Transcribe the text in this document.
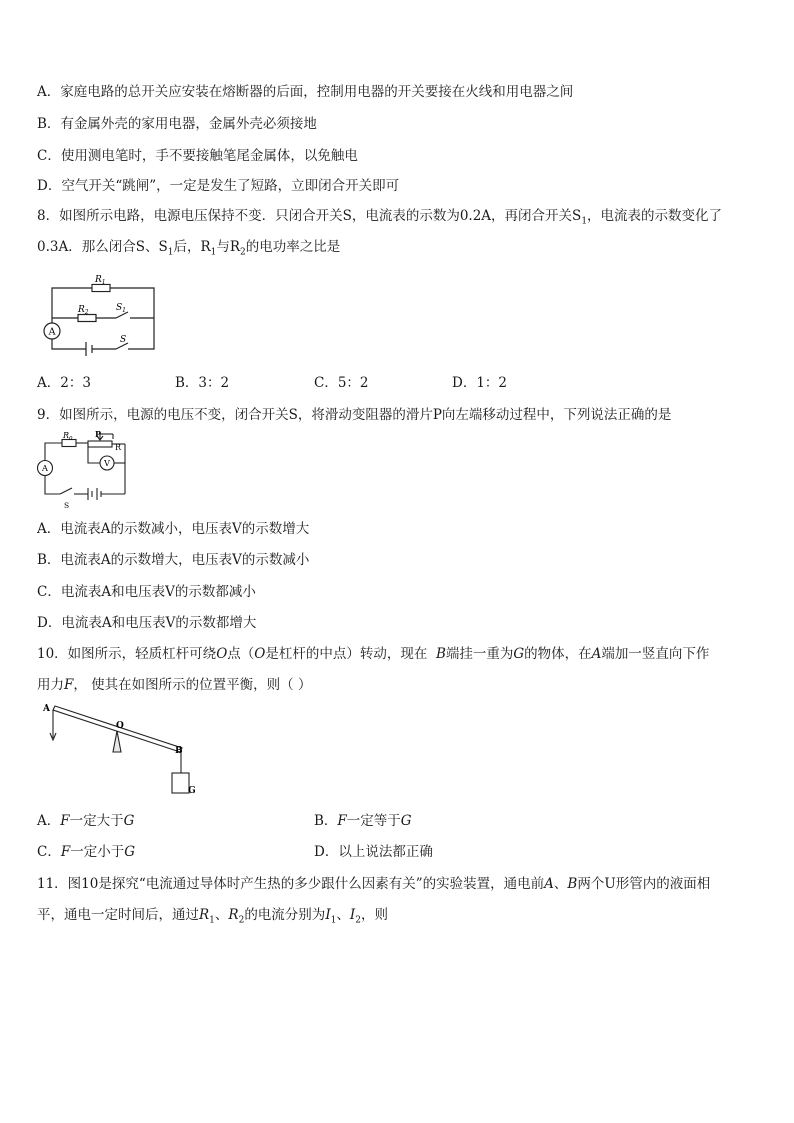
A．家庭电路的总开关应安装在熔断器的后面，控制用电器的开关要接在火线和用电器之间
B．有金属外壳的家用电器，金属外壳必须接地
C．使用测电笔时，手不要接触笔尾金属体，以免触电
D．空气开关“跳闸”，一定是发生了短路，立即闭合开关即可
8．如图所示电路，电源电压保持不变．只闭合开关S，电流表的示数为0.2A，再闭合开关$S_1$，电流表的示数变化了
0.3A．那么闭合S、$S_1$后，$R_1$与$R_2$的电功率之比是
$R_1$
$R_2$	$S_1$
S
A
A．2：3	B．3：2	C．5：2	D．1：2
9．如图所示，电源的电压不变，闭合开关S，将滑动变阻器的滑片P向左端移动过程中，下列说法正确的是
$R_0$	P
R
V
A
S
A．电流表A的示数减小，电压表V的示数增大
B．电流表A的示数增大，电压表V的示数减小
C．电流表A和电压表V的示数都减小
D．电流表A和电压表V的示数都增大
10．如图所示，轻质杠杆可绕O点（O是杠杆的中点）转动，现在 B端挂一重为G的物体，在A端加一竖直向下作
用力F， 使其在如图所示的位置平衡，则（ ）
A
O
B
G
A．F一定大于G	B．F一定等于G
C．F一定小于G	D．以上说法都正确
11．图10是探究“电流通过导体时产生热的多少跟什么因素有关”的实验装置，通电前A、B两个U形管内的液面相
平，通电一定时间后，通过$R_1$、$R_2$的电流分别为$I_1$、$I_2$，则
